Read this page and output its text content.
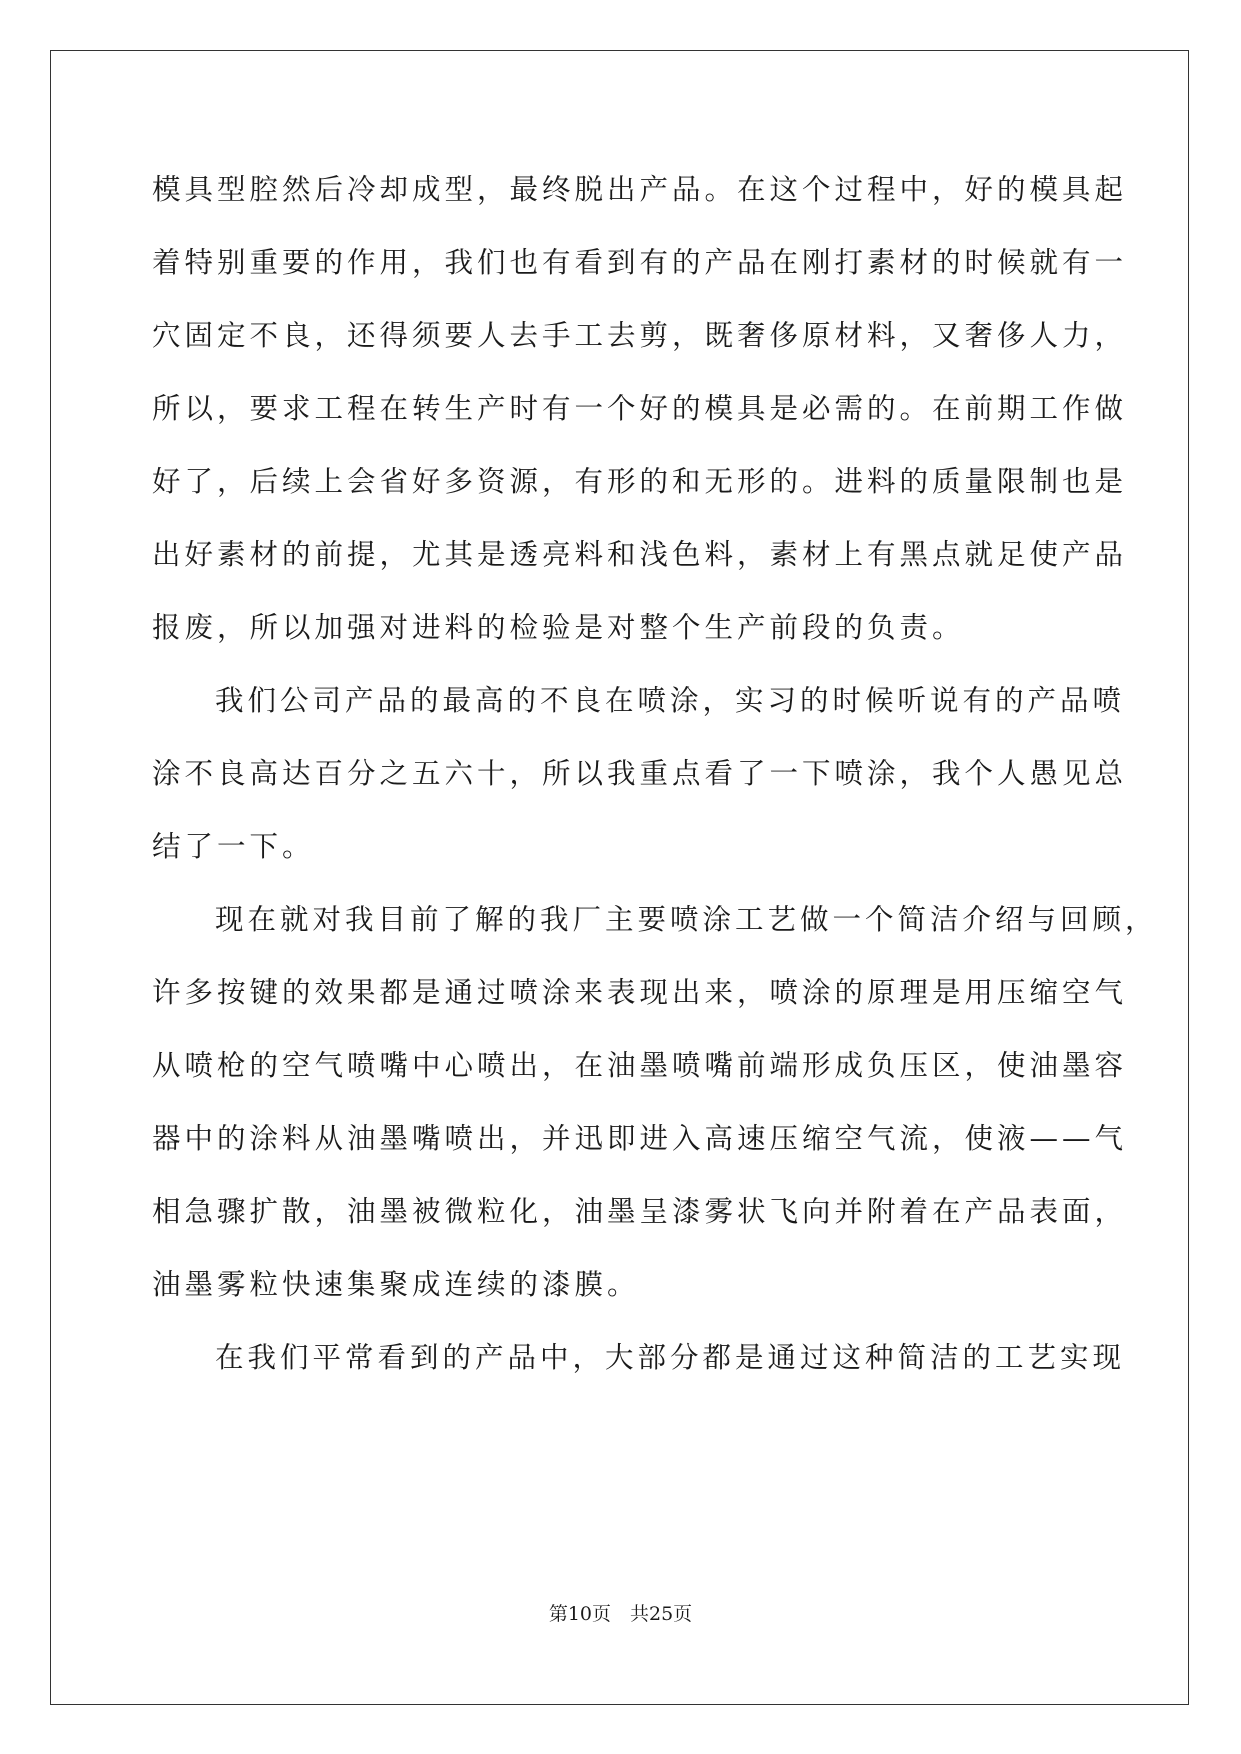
模具型腔然后冷却成型，最终脱出产品。在这个过程中，好的模具起
着特别重要的作用，我们也有看到有的产品在刚打素材的时候就有一
穴固定不良，还得须要人去手工去剪，既奢侈原材料，又奢侈人力，
所以，要求工程在转生产时有一个好的模具是必需的。在前期工作做
好了，后续上会省好多资源，有形的和无形的。进料的质量限制也是
出好素材的前提，尤其是透亮料和浅色料，素材上有黑点就足使产品
报废，所以加强对进料的检验是对整个生产前段的负责。
我们公司产品的最高的不良在喷涂，实习的时候听说有的产品喷
涂不良高达百分之五六十，所以我重点看了一下喷涂，我个人愚见总
结了一下。
现在就对我目前了解的我厂主要喷涂工艺做一个简洁介绍与回顾，
许多按键的效果都是通过喷涂来表现出来，喷涂的原理是用压缩空气
从喷枪的空气喷嘴中心喷出，在油墨喷嘴前端形成负压区，使油墨容
器中的涂料从油墨嘴喷出，并迅即进入高速压缩空气流，使液——气
相急骤扩散，油墨被微粒化，油墨呈漆雾状飞向并附着在产品表面，
油墨雾粒快速集聚成连续的漆膜。
在我们平常看到的产品中，大部分都是通过这种简洁的工艺实现
第10页　共25页
